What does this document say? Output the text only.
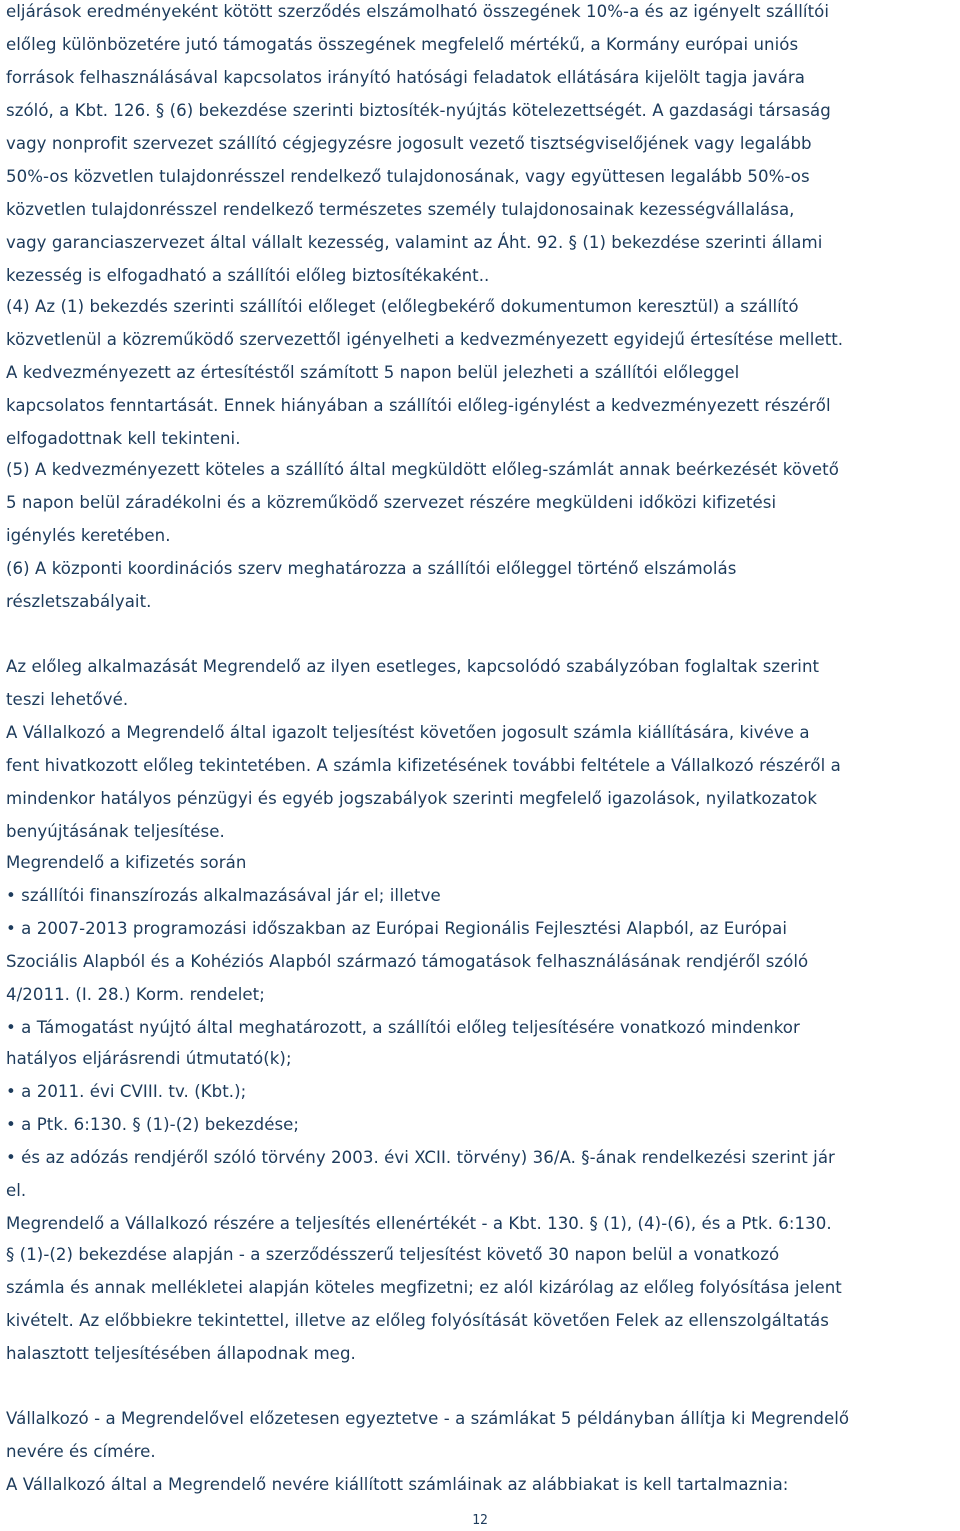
eljárások eredményeként kötött szerződés elszámolható összegének 10%-a és az igényelt szállítói
előleg különbözetére jutó támogatás összegének megfelelő mértékű, a Kormány európai uniós
források felhasználásával kapcsolatos irányító hatósági feladatok ellátására kijelölt tagja javára
szóló, a Kbt. 126. § (6) bekezdése szerinti biztosíték-nyújtás kötelezettségét. A gazdasági társaság
vagy nonprofit szervezet szállító cégjegyzésre jogosult vezető tisztségviselőjének vagy legalább
50%-os közvetlen tulajdonrésszel rendelkező tulajdonosának, vagy együttesen legalább 50%-os
közvetlen tulajdonrésszel rendelkező természetes személy tulajdonosainak kezességvállalása,
vagy garanciaszervezet által vállalt kezesség, valamint az Áht. 92. § (1) bekezdése szerinti állami
kezesség is elfogadható a szállítói előleg biztosítékaként..
(4) Az (1) bekezdés szerinti szállítói előleget (előlegbekérő dokumentumon keresztül) a szállító
közvetlenül a közreműködő szervezettől igényelheti a kedvezményezett egyidejű értesítése mellett.
A kedvezményezett az értesítéstől számított 5 napon belül jelezheti a szállítói előleggel
kapcsolatos fenntartását. Ennek hiányában a szállítói előleg-igénylést a kedvezményezett részéről
elfogadottnak kell tekinteni.
(5) A kedvezményezett köteles a szállító által megküldött előleg-számlát annak beérkezését követő
5 napon belül záradékolni és a közreműködő szervezet részére megküldeni időközi kifizetési
igénylés keretében.
(6) A központi koordinációs szerv meghatározza a szállítói előleggel történő elszámolás
részletszabályait.
Az előleg alkalmazását Megrendelő az ilyen esetleges, kapcsolódó szabályzóban foglaltak szerint
teszi lehetővé.
A Vállalkozó a Megrendelő által igazolt teljesítést követően jogosult számla kiállítására, kivéve a
fent hivatkozott előleg tekintetében. A számla kifizetésének további feltétele a Vállalkozó részéről a
mindenkor hatályos pénzügyi és egyéb jogszabályok szerinti megfelelő igazolások, nyilatkozatok
benyújtásának teljesítése.
Megrendelő a kifizetés során
• szállítói finanszírozás alkalmazásával jár el; illetve
• a 2007-2013 programozási időszakban az Európai Regionális Fejlesztési Alapból, az Európai
Szociális Alapból és a Kohéziós Alapból származó támogatások felhasználásának rendjéről szóló
4/2011. (I. 28.) Korm. rendelet;
• a Támogatást nyújtó által meghatározott, a szállítói előleg teljesítésére vonatkozó mindenkor
hatályos eljárásrendi útmutató(k);
• a 2011. évi CVIII. tv. (Kbt.);
• a Ptk. 6:130. § (1)-(2) bekezdése;
• és az adózás rendjéről szóló törvény 2003. évi XCII. törvény) 36/A. §-ának rendelkezési szerint jár
el.
Megrendelő a Vállalkozó részére a teljesítés ellenértékét - a Kbt. 130. § (1), (4)-(6), és a Ptk. 6:130.
§ (1)-(2) bekezdése alapján - a szerződésszerű teljesítést követő 30 napon belül a vonatkozó
számla és annak mellékletei alapján köteles megfizetni; ez alól kizárólag az előleg folyósítása jelent
kivételt. Az előbbiekre tekintettel, illetve az előleg folyósítását követően Felek az ellenszolgáltatás
halasztott teljesítésében állapodnak meg.
Vállalkozó - a Megrendelővel előzetesen egyeztetve - a számlákat 5 példányban állítja ki Megrendelő
nevére és címére.
A Vállalkozó által a Megrendelő nevére kiállított számláinak az alábbiakat is kell tartalmaznia:
12
